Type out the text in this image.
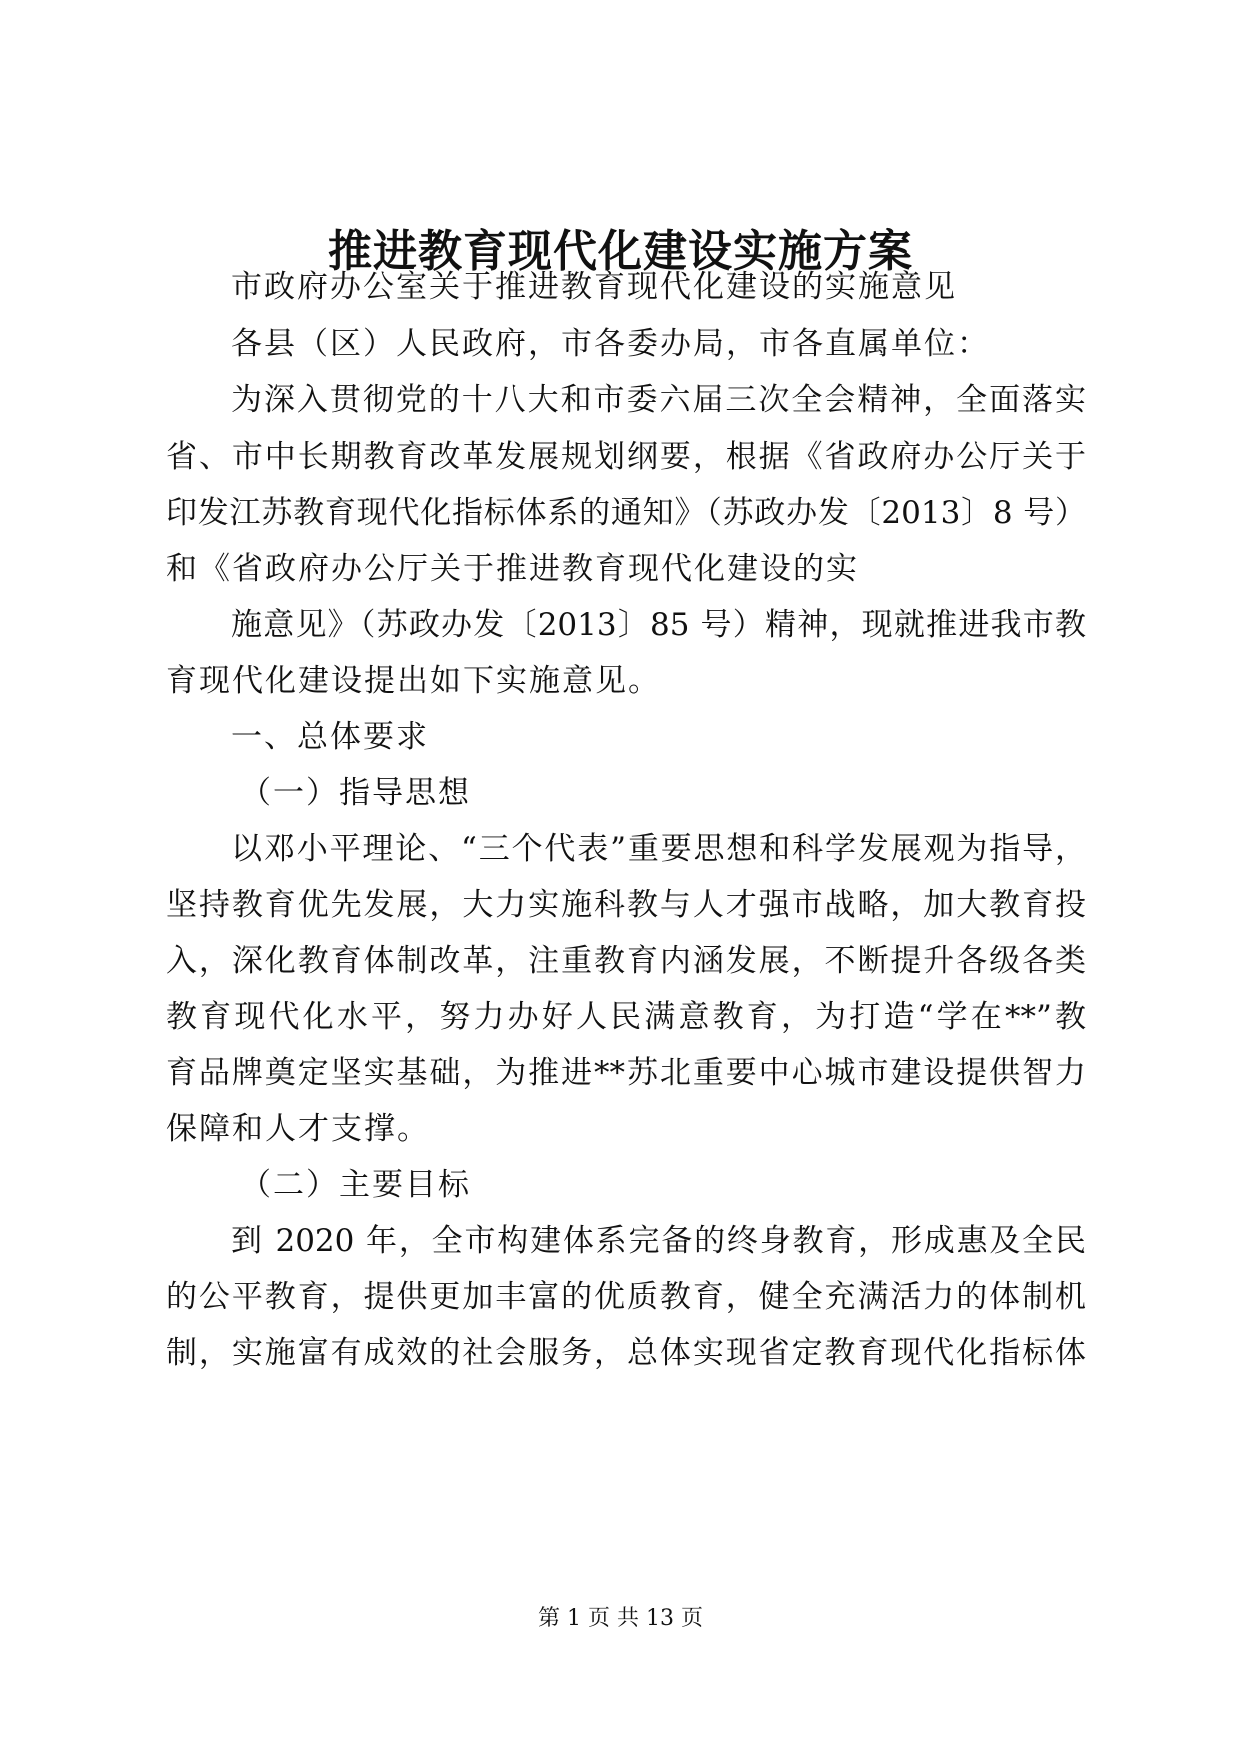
推进教育现代化建设实施方案
市政府办公室关于推进教育现代化建设的实施意见
各县（区）人民政府，市各委办局，市各直属单位：
为深入贯彻党的十八大和市委六届三次全会精神，全面落实
省、市中长期教育改革发展规划纲要，根据《省政府办公厅关于
印发江苏教育现代化指标体系的通知》（苏政办发〔2013〕8 号）
和《省政府办公厅关于推进教育现代化建设的实
施意见》（苏政办发〔2013〕85 号）精神，现就推进我市教
育现代化建设提出如下实施意见。
一、总体要求
（一）指导思想
以邓小平理论、“三个代表”重要思想和科学发展观为指导，
坚持教育优先发展，大力实施科教与人才强市战略，加大教育投
入，深化教育体制改革，注重教育内涵发展，不断提升各级各类
教育现代化水平，努力办好人民满意教育，为打造“学在**”教
育品牌奠定坚实基础，为推进**苏北重要中心城市建设提供智力
保障和人才支撑。
（二）主要目标
到 2020 年，全市构建体系完备的终身教育，形成惠及全民
的公平教育，提供更加丰富的优质教育，健全充满活力的体制机
制，实施富有成效的社会服务，总体实现省定教育现代化指标体
第 1 页 共 13 页
